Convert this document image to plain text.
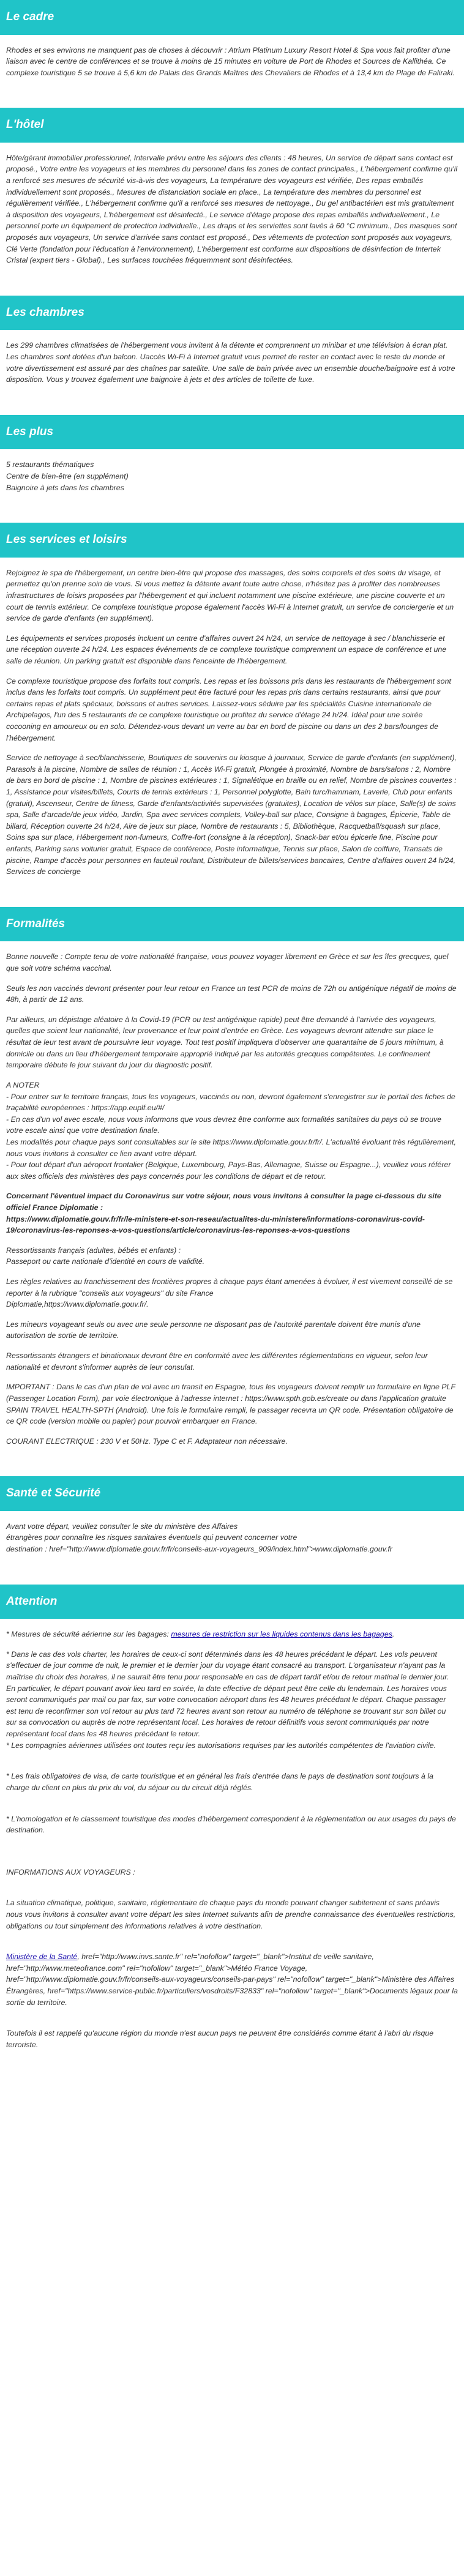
Le cadre

Rhodes et ses environs ne manquent pas de choses à découvrir : Atrium Platinum Luxury Resort Hotel & Spa vous fait profiter d'une liaison avec le centre de conférences et se trouve à moins de 15 minutes en voiture de Port de Rhodes et Sources de Kallithéa. Ce complexe touristique 5 se trouve à 5,6 km de Palais des Grands Maîtres des Chevaliers de Rhodes et à 13,4 km de Plage de Faliraki.

L'hôtel

Hôte/gérant immobilier professionnel, Intervalle prévu entre les séjours des clients : 48 heures, Un service de départ sans contact est proposé., Votre entre les voyageurs et les membres du personnel dans les zones de contact principales., L'hébergement confirme qu'il a renforcé ses mesures de sécurité vis-à-vis des voyageurs, La température des voyageurs est vérifiée, Des repas emballés individuellement sont proposés., Mesures de distanciation sociale en place., La température des membres du personnel est régulièrement vérifiée., L'hébergement confirme qu'il a renforcé ses mesures de nettoyage., Du gel antibactérien est mis gratuitement à disposition des voyageurs, L'hébergement est désinfecté., Le service d'étage propose des repas emballés individuellement., Le personnel porte un équipement de protection individuelle., Les draps et les serviettes sont lavés à 60 °C minimum., Des masques sont proposés aux voyageurs, Un service d'arrivée sans contact est proposé., Des vêtements de protection sont proposés aux voyageurs, Clé Verte (fondation pour l'éducation à l'environnement), L'hébergement est conforme aux dispositions de désinfection de Intertek Cristal (expert tiers - Global)., Les surfaces touchées fréquemment sont désinfectées.

Les chambres

Les 299 chambres climatisées de l'hébergement vous invitent à la détente et comprennent un minibar et une télévision à écran plat. Les chambres sont dotées d'un balcon. Uaccès Wi-Fi à Internet gratuit vous permet de rester en contact avec le reste du monde et votre divertissement est assuré par des chaînes par satellite. Une salle de bain privée avec un ensemble douche/baignoire est à votre disposition. Vous y trouvez également une baignoire à jets et des articles de toilette de luxe.

Les plus

5 restaurants thématiques
Centre de bien-être (en supplément)
Baignoire à jets dans les chambres

Les services et loisirs

Rejoignez le spa de l'hébergement, un centre bien-être qui propose des massages, des soins corporels et des soins du visage, et permettez qu'on prenne soin de vous. Si vous mettez la détente avant toute autre chose, n'hésitez pas à profiter des nombreuses infrastructures de loisirs proposées par l'hébergement et qui incluent notamment une piscine extérieure, une piscine couverte et un court de tennis extérieur. Ce complexe touristique propose également l'accès Wi-Fi à Internet gratuit, un service de conciergerie et un service de garde d'enfants (en supplément).

Les équipements et services proposés incluent un centre d'affaires ouvert 24 h/24, un service de nettoyage à sec / blanchisserie et une réception ouverte 24 h/24. Les espaces événements de ce complexe touristique comprennent un espace de conférence et une salle de réunion. Un parking gratuit est disponible dans l'enceinte de l'hébergement.

Ce complexe touristique propose des forfaits tout compris. Les repas et les boissons pris dans les restaurants de l'hébergement sont inclus dans les forfaits tout compris. Un supplément peut être facturé pour les repas pris dans certains restaurants, ainsi que pour certains repas et plats spéciaux, boissons et autres services. Laissez-vous séduire par les spécialités Cuisine internationale de Archipelagos, l'un des 5 restaurants de ce complexe touristique ou profitez du service d'étage 24 h/24. Idéal pour une soirée cocooning en amoureux ou en solo. Détendez-vous devant un verre au bar en bord de piscine ou dans un des 2 bars/lounges de l'hébergement.

Service de nettoyage à sec/blanchisserie, Boutiques de souvenirs ou kiosque à journaux, Service de garde d'enfants (en supplément), Parasols à la piscine, Nombre de salles de réunion : 1, Accès Wi-Fi gratuit, Plongée à proximité, Nombre de bars/salons : 2, Nombre de bars en bord de piscine : 1, Nombre de piscines extérieures : 1, Signalétique en braille ou en relief, Nombre de piscines couvertes : 1, Assistance pour visites/billets, Courts de tennis extérieurs : 1, Personnel polyglotte, Bain turc/hammam, Laverie, Club pour enfants (gratuit), Ascenseur, Centre de fitness, Garde d'enfants/activités supervisées (gratuites), Location de vélos sur place, Salle(s) de soins spa, Salle d'arcade/de jeux vidéo, Jardin, Spa avec services complets, Volley-ball sur place, Consigne à bagages, Épicerie, Table de billard, Réception ouverte 24 h/24, Aire de jeux sur place, Nombre de restaurants : 5, Bibliothèque, Racquetball/squash sur place, Soins spa sur place, Hébergement non-fumeurs, Coffre-fort (consigne à la réception), Snack-bar et/ou épicerie fine, Piscine pour enfants, Parking sans voiturier gratuit, Espace de conférence, Poste informatique, Tennis sur place, Salon de coiffure, Transats de piscine, Rampe d'accès pour personnes en fauteuil roulant, Distributeur de billets/services bancaires, Centre d'affaires ouvert 24 h/24, Services de concierge

Formalités

Bonne nouvelle : Compte tenu de votre nationalité française, vous pouvez voyager librement en Grèce et sur les îles grecques, quel que soit votre schéma vaccinal.

Seuls les non vaccinés devront présenter pour leur retour en France un test PCR de moins de 72h ou antigénique négatif de moins de 48h, à partir de 12 ans.

Par ailleurs, un dépistage aléatoire à la Covid-19 (PCR ou test antigénique rapide) peut être demandé à l'arrivée des voyageurs, quelles que soient leur nationalité, leur provenance et leur point d'entrée en Grèce. Les voyageurs devront attendre sur place le résultat de leur test avant de poursuivre leur voyage. Tout test positif impliquera d'observer une quarantaine de 5 jours minimum, à domicile ou dans un lieu d'hébergement temporaire approprié indiqué par les autorités grecques compétentes. Le confinement temporaire débute le jour suivant du jour du diagnostic positif.

A NOTER
- Pour entrer sur le territoire français, tous les voyageurs, vaccinés ou non, devront également s'enregistrer sur le portail des fiches de traçabilité européennes : https://app.euplf.eu/#/
- En cas d'un vol avec escale, nous vous informons que vous devrez être conforme aux formalités sanitaires du pays où se trouve votre escale ainsi que votre destination finale.
Les modalités pour chaque pays sont consultables sur le site https://www.diplomatie.gouv.fr/fr/. L'actualité évoluant très régulièrement, nous vous invitons à consulter ce lien avant votre départ.
- Pour tout départ d'un aéroport frontalier (Belgique, Luxembourg, Pays-Bas, Allemagne, Suisse ou Espagne...), veuillez vous référer aux sites officiels des ministères des pays concernés pour les conditions de départ et de retour.

Concernant l'éventuel impact du Coronavirus sur votre séjour, nous vous invitons à consulter la page ci-dessous du site officiel France Diplomatie :
https://www.diplomatie.gouv.fr/fr/le-ministere-et-son-reseau/actualites-du-ministere/informations-coronavirus-covid-19/coronavirus-les-reponses-a-vos-questions/article/coronavirus-les-reponses-a-vos-questions

Ressortissants français (adultes, bébés et enfants) :
Passeport ou carte nationale d'identité en cours de validité.

Les règles relatives au franchissement des frontières propres à chaque pays étant amenées à évoluer, il est vivement conseillé de se reporter à la rubrique "conseils aux voyageurs" du site France
Diplomatie,https://www.diplomatie.gouv.fr/.

Les mineurs voyageant seuls ou avec une seule personne ne disposant pas de l'autorité parentale doivent être munis d'une autorisation de sortie de territoire.

Ressortissants étrangers et binationaux devront être en conformité avec les différentes réglementations en vigueur, selon leur nationalité et devront s'informer auprès de leur consulat.

IMPORTANT : Dans le cas d'un plan de vol avec un transit en Espagne, tous les voyageurs doivent remplir un formulaire en ligne PLF (Passenger Location Form), par voie électronique à l'adresse internet : https://www.spth.gob.es/create ou dans l'application gratuite SPAIN TRAVEL HEALTH-SPTH (Android). Une fois le formulaire rempli, le passager recevra un QR code. Présentation obligatoire de ce QR code (version mobile ou papier) pour pouvoir embarquer en France.

COURANT ELECTRIQUE : 230 V et 50Hz. Type C et F. Adaptateur non nécessaire.

Santé et Sécurité

Avant votre départ, veuillez consulter le site du ministère des Affaires
étrangères pour connaître les risques sanitaires éventuels qui peuvent concerner votre
destination : href="http://www.diplomatie.gouv.fr/fr/conseils-aux-voyageurs_909/index.html">www.diplomatie.gouv.fr

Attention

* Mesures de sécurité aérienne sur les bagages: mesures de restriction sur les liquides contenus dans les bagages.

* Dans le cas des vols charter, les horaires de ceux-ci sont déterminés dans les 48 heures précédant le départ. Les vols peuvent s'effectuer de jour comme de nuit, le premier et le dernier jour du voyage étant consacré au transport. L'organisateur n'ayant pas la maîtrise du choix des horaires, il ne saurait être tenu pour responsable en cas de départ tardif et/ou de retour matinal le dernier jour. En particulier, le départ pouvant avoir lieu tard en soirée, la date effective de départ peut être celle du lendemain. Les horaires vous seront communiqués par mail ou par fax, sur votre convocation aéroport dans les 48 heures précédant le départ. Chaque passager est tenu de reconfirmer son vol retour au plus tard 72 heures avant son retour au numéro de téléphone se trouvant sur son billet ou sur sa convocation ou auprès de notre représentant local. Les horaires de retour définitifs vous seront communiqués par notre représentant local dans les 48 heures précédant le retour.
* Les compagnies aériennes utilisées ont toutes reçu les autorisations requises par les autorités compétentes de l'aviation civile.

* Les frais obligatoires de visa, de carte touristique et en général les frais d'entrée dans le pays de destination sont toujours à la charge du client en plus du prix du vol, du séjour ou du circuit déjà réglés.

* L'homologation et le classement touristique des modes d'hébergement correspondent à la réglementation ou aux usages du pays de destination.

INFORMATIONS AUX VOYAGEURS :

La situation climatique, politique, sanitaire, réglementaire de chaque pays du monde pouvant changer subitement et sans préavis
nous vous invitons à consulter avant votre départ les sites Internet suivants afin de prendre connaissance des éventuelles restrictions, obligations ou tout simplement des informations relatives à votre destination.

Ministère de la Santé, href="http://www.invs.sante.fr" rel="nofollow" target="_blank">Institut de veille sanitaire, href="http://www.meteofrance.com" rel="nofollow" target="_blank">Météo France Voyage, href="http://www.diplomatie.gouv.fr/fr/conseils-aux-voyageurs/conseils-par-pays" rel="nofollow" target="_blank">Ministère des Affaires Étrangères, href="https://www.service-public.fr/particuliers/vosdroits/F32833" rel="nofollow" target="_blank">Documents légaux pour la sortie du territoire.

Toutefois il est rappelé qu'aucune région du monde n'est aucun pays ne peuvent être considérés comme étant à l'abri du risque terroriste.
